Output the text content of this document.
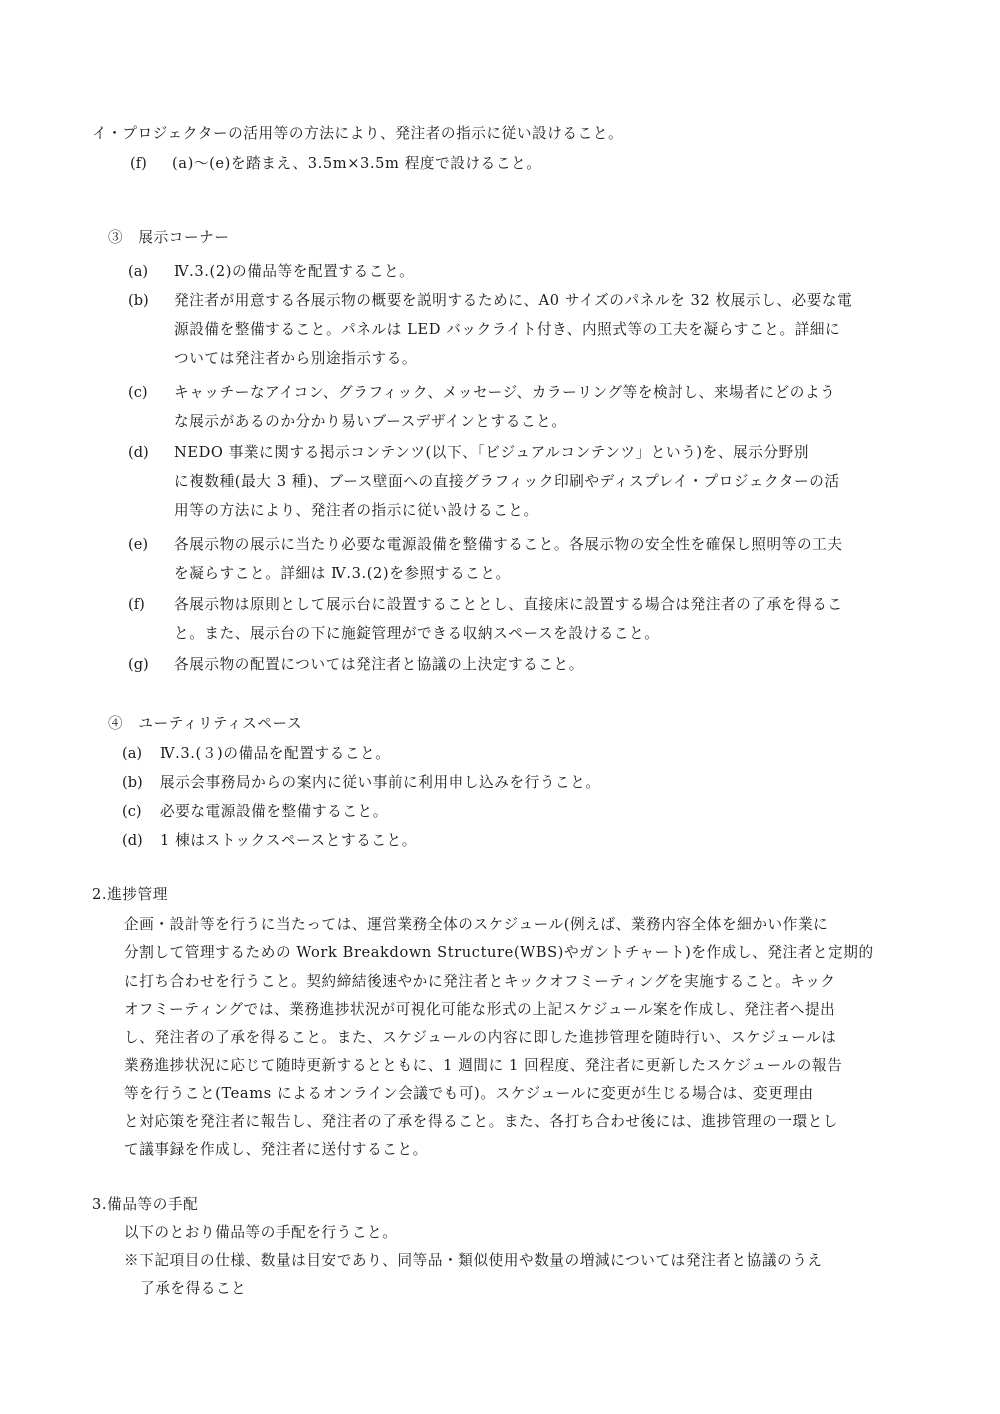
イ・プロジェクターの活用等の方法により、発注者の指示に従い設けること。
(f) (a)〜(e)を踏まえ、3.5m×3.5m 程度で設けること。
③　展示コーナー
(a) Ⅳ.3.(2)の備品等を配置すること。
(b) 発注者が用意する各展示物の概要を説明するために、A0 サイズのパネルを 32 枚展示し、必要な電
源設備を整備すること。パネルは LED バックライト付き、内照式等の工夫を凝らすこと。詳細に
ついては発注者から別途指示する。
(c) キャッチーなアイコン、グラフィック、メッセージ、カラーリング等を検討し、来場者にどのよう
な展示があるのか分かり易いブースデザインとすること。
(d) NEDO 事業に関する掲示コンテンツ(以下、「ビジュアルコンテンツ」という)を、展示分野別
に複数種(最大 3 種)、ブース壁面への直接グラフィック印刷やディスプレイ・プロジェクターの活
用等の方法により、発注者の指示に従い設けること。
(e) 各展示物の展示に当たり必要な電源設備を整備すること。各展示物の安全性を確保し照明等の工夫
を凝らすこと。詳細は Ⅳ.3.(2)を参照すること。
(f) 各展示物は原則として展示台に設置することとし、直接床に設置する場合は発注者の了承を得るこ
と。また、展示台の下に施錠管理ができる収納スペースを設けること。
(g) 各展示物の配置については発注者と協議の上決定すること。
④　ユーティリティスペース
(a) Ⅳ.3.(３)の備品を配置すること。
(b) 展示会事務局からの案内に従い事前に利用申し込みを行うこと。
(c) 必要な電源設備を整備すること。
(d) 1 棟はストックスペースとすること。
2.進捗管理
企画・設計等を行うに当たっては、運営業務全体のスケジュール(例えば、業務内容全体を細かい作業に
分割して管理するための Work Breakdown Structure(WBS)やガントチャート)を作成し、発注者と定期的
に打ち合わせを行うこと。契約締結後速やかに発注者とキックオフミーティングを実施すること。キック
オフミーティングでは、業務進捗状況が可視化可能な形式の上記スケジュール案を作成し、発注者へ提出
し、発注者の了承を得ること。また、スケジュールの内容に即した進捗管理を随時行い、スケジュールは
業務進捗状況に応じて随時更新するとともに、1 週間に 1 回程度、発注者に更新したスケジュールの報告
等を行うこと(Teams によるオンライン会議でも可)。スケジュールに変更が生じる場合は、変更理由
と対応策を発注者に報告し、発注者の了承を得ること。また、各打ち合わせ後には、進捗管理の一環とし
て議事録を作成し、発注者に送付すること。
3.備品等の手配
以下のとおり備品等の手配を行うこと。
※下記項目の仕様、数量は目安であり、同等品・類似使用や数量の増減については発注者と協議のうえ
了承を得ること
